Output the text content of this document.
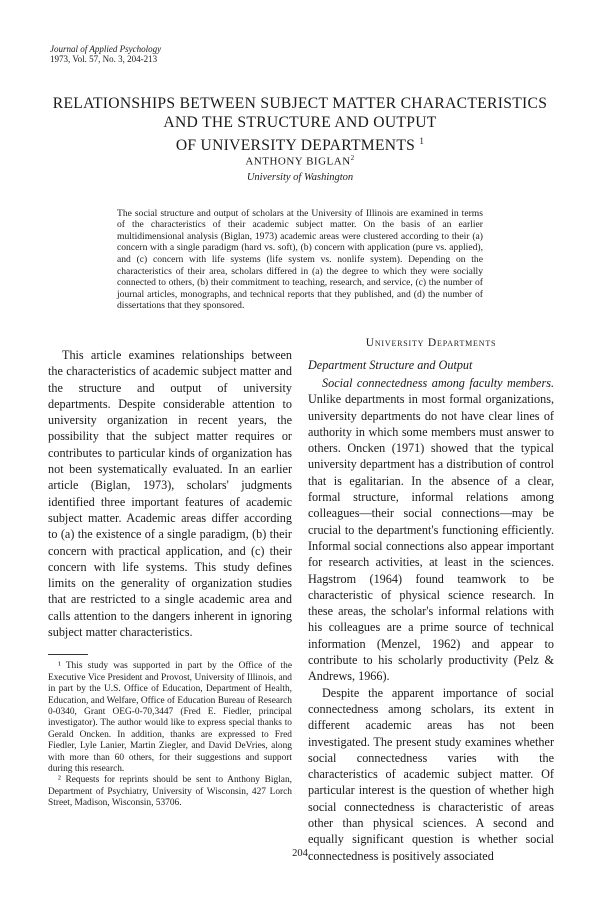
Journal of Applied Psychology
1973, Vol. 57, No. 3, 204-213
RELATIONSHIPS BETWEEN SUBJECT MATTER CHARACTERISTICS
AND THE STRUCTURE AND OUTPUT
OF UNIVERSITY DEPARTMENTS $^1$
ANTHONY BIGLAN$^2$
University of Washington

The social structure and output of scholars at the University of Illinois are examined in terms of the characteristics of their academic subject matter. On the basis of an earlier multidimensional analysis (Biglan, 1973) academic areas were clustered according to their (a) concern with a single paradigm (hard vs. soft), (b) concern with application (pure vs. applied), and (c) concern with life systems (life system vs. nonlife system). Depending on the characteristics of their area, scholars differed in (a) the degree to which they were socially connected to others, (b) their commitment to teaching, research, and service, (c) the number of journal articles, monographs, and technical reports that they published, and (d) the number of dissertations that they sponsored.

This article examines relationships between the characteristics of academic subject matter and the structure and output of university departments. Despite considerable attention to university organization in recent years, the possibility that the subject matter requires or contributes to particular kinds of organization has not been systematically evaluated. In an earlier article (Biglan, 1973), scholars' judgments identified three important features of academic subject matter. Academic areas differ according to (a) the existence of a single paradigm, (b) their concern with practical application, and (c) their concern with life systems. This study defines limits on the generality of organization studies that are restricted to a single academic area and calls attention to the dangers inherent in ignoring subject matter characteristics.

¹ This study was supported in part by the Office of the Executive Vice President and Provost, University of Illinois, and in part by the U.S. Office of Education, Department of Health, Education, and Welfare, Office of Education Bureau of Research 0-0340, Grant OEG-0-70,3447 (Fred E. Fiedler, principal investigator). The author would like to express special thanks to Gerald Oncken. In addition, thanks are expressed to Fred Fiedler, Lyle Lanier, Martin Ziegler, and David DeVries, along with more than 60 others, for their suggestions and support during this research.

² Requests for reprints should be sent to Anthony Biglan, Department of Psychiatry, University of Wisconsin, 427 Lorch Street, Madison, Wisconsin, 53706.

University Departments
Department Structure and Output

Social connectedness among faculty members. Unlike departments in most formal organizations, university departments do not have clear lines of authority in which some members must answer to others. Oncken (1971) showed that the typical university department has a distribution of control that is egalitarian. In the absence of a clear, formal structure, informal relations among colleagues—their social connections—may be crucial to the department's functioning efficiently. Informal social connections also appear important for research activities, at least in the sciences. Hagstrom (1964) found teamwork to be characteristic of physical science research. In these areas, the scholar's informal relations with his colleagues are a prime source of technical information (Menzel, 1962) and appear to contribute to his scholarly productivity (Pelz & Andrews, 1966).

Despite the apparent importance of social connectedness among scholars, its extent in different academic areas has not been investigated. The present study examines whether social connectedness varies with the characteristics of academic subject matter. Of particular interest is the question of whether high social connectedness is characteristic of areas other than physical sciences. A second and equally significant question is whether social connectedness is positively associated

204
